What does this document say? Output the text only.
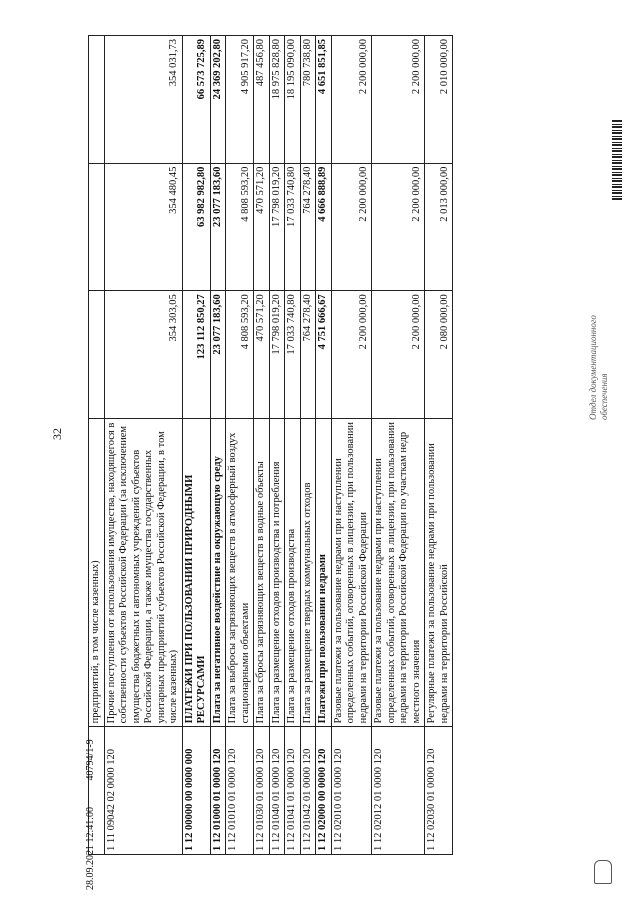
	предприятий, в том числе казенных)			
1 11 09042 02 0000 120	Прочие поступления от использования имущества, находящегося в собственности субъектов Российской Федерации (за исключением имущества бюджетных и автономных учреждений субъектов Российской Федерации, а также имущества государственных унитарных предприятий субъектов Российской Федерации, в том числе казенных)	354 303,05	354 480,45	354 031,73
1 12 00000 00 0000 000	ПЛАТЕЖИ ПРИ ПОЛЬЗОВАНИИ ПРИРОДНЫМИ РЕСУРСАМИ	123 112 850,27	63 982 982,80	66 573 725,89
1 12 01000 01 0000 120	Плата за негативное воздействие на окружающую среду	23 077 183,60	23 077 183,60	24 369 202,80
1 12 01010 01 0000 120	Плата за выбросы загрязняющих веществ в атмосферный воздух стационарными объектами	4 808 593,20	4 808 593,20	4 905 917,20
1 12 01030 01 0000 120	Плата за сбросы загрязняющих веществ в водные объекты	470 571,20	470 571,20	487 456,80
1 12 01040 01 0000 120	Плата за размещение отходов производства и потребления	17 798 019,20	17 798 019,20	18 975 828,80
1 12 01041 01 0000 120	Плата за размещение отходов производства	17 033 740,80	17 033 740,80	18 195 090,00
1 12 01042 01 0000 120	Плата за размещение твердых коммунальных отходов	764 278,40	764 278,40	780 738,80
1 12 02000 00 0000 120	Платежи при пользовании недрами	4 751 666,67	4 666 888,89	4 651 851,85
1 12 02010 01 0000 120	Разовые платежи за пользование недрами при наступлении определенных событий, оговоренных в лицензии, при пользовании недрами на территории Российской Федерации	2 200 000,00	2 200 000,00	2 200 000,00
1 12 02012 01 0000 120	Разовые платежи за пользование недрами при наступлении определенных событий, оговоренных в лицензии, при пользовании недрами на территории Российской Федерации по участкам недр местного значения	2 200 000,00	2 200 000,00	2 200 000,00
1 12 02030 01 0000 120	Регулярные платежи за пользование недрами при пользовании недрами на территории Российской	2 080 000,00	2 013 000,00	2 010 000,00
32
28.09.2021 12:41:00 40794/1-9
Отдел документационного обеспечения
